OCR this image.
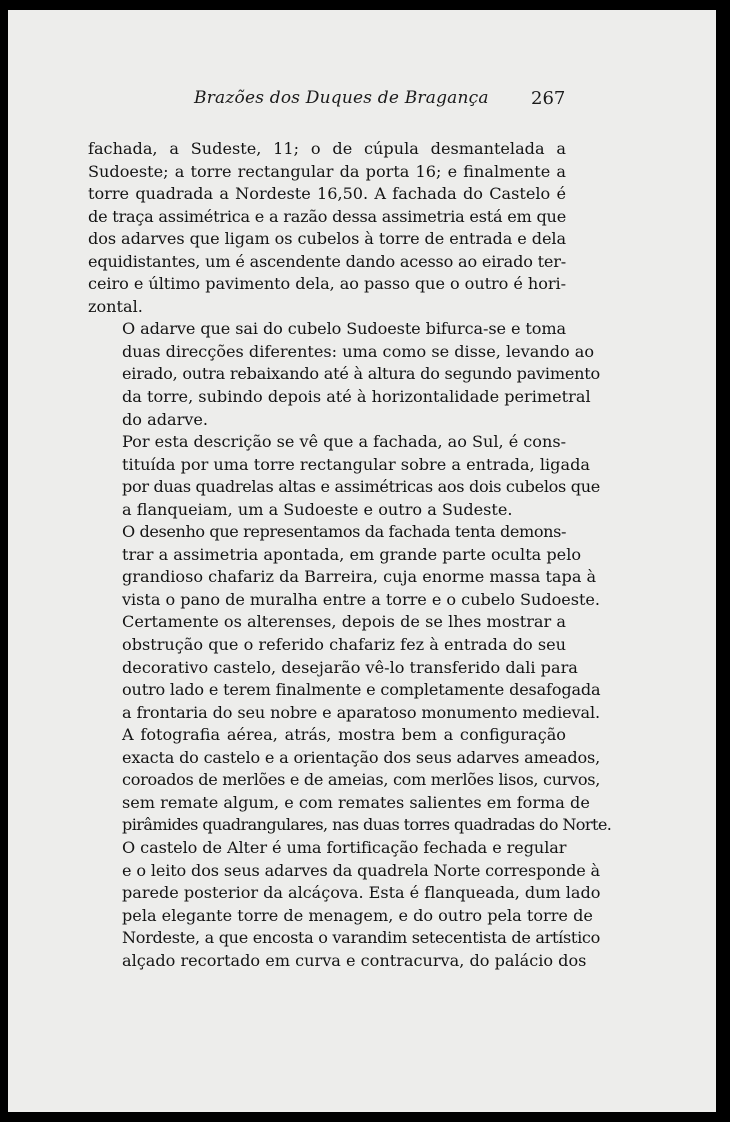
Brazões dos Duques de Bragança 267

fachada, a Sudeste, 11; o de cúpula desmantelada a
Sudoeste; a torre rectangular da porta 16; e finalmente a
torre quadrada a Nordeste 16,50. A fachada do Castelo é
de traça assimétrica e a razão dessa assimetria está em que
dos adarves que ligam os cubelos à torre de entrada e dela
equidistantes, um é ascendente dando acesso ao eirado ter-
ceiro e último pavimento dela, ao passo que o outro é hori-
zontal.

O adarve que sai do cubelo Sudoeste bifurca-se e toma
duas direcções diferentes: uma como se disse, levando ao
eirado, outra rebaixando até à altura do segundo pavimento
da torre, subindo depois até à horizontalidade perimetral
do adarve.

Por esta descrição se vê que a fachada, ao Sul, é cons-
tituída por uma torre rectangular sobre a entrada, ligada
por duas quadrelas altas e assimétricas aos dois cubelos que
a flanqueiam, um a Sudoeste e outro a Sudeste.

O desenho que representamos da fachada tenta demons-
trar a assimetria apontada, em grande parte oculta pelo
grandioso chafariz da Barreira, cuja enorme massa tapa à
vista o pano de muralha entre a torre e o cubelo Sudoeste.

Certamente os alterenses, depois de se lhes mostrar a
obstrução que o referido chafariz fez à entrada do seu
decorativo castelo, desejarão vê-lo transferido dali para
outro lado e terem finalmente e completamente desafogada
a frontaria do seu nobre e aparatoso monumento medieval.

A fotografia aérea, atrás, mostra bem a configuração
exacta do castelo e a orientação dos seus adarves ameados,
coroados de merlões e de ameias, com merlões lisos, curvos,
sem remate algum, e com remates salientes em forma de
pirâmides quadrangulares, nas duas torres quadradas do Norte.

O castelo de Alter é uma fortificação fechada e regular
e o leito dos seus adarves da quadrela Norte corresponde à
parede posterior da alcáçova. Esta é flanqueada, dum lado
pela elegante torre de menagem, e do outro pela torre de
Nordeste, a que encosta o varandim setecentista de artístico
alçado recortado em curva e contracurva, do palácio dos
